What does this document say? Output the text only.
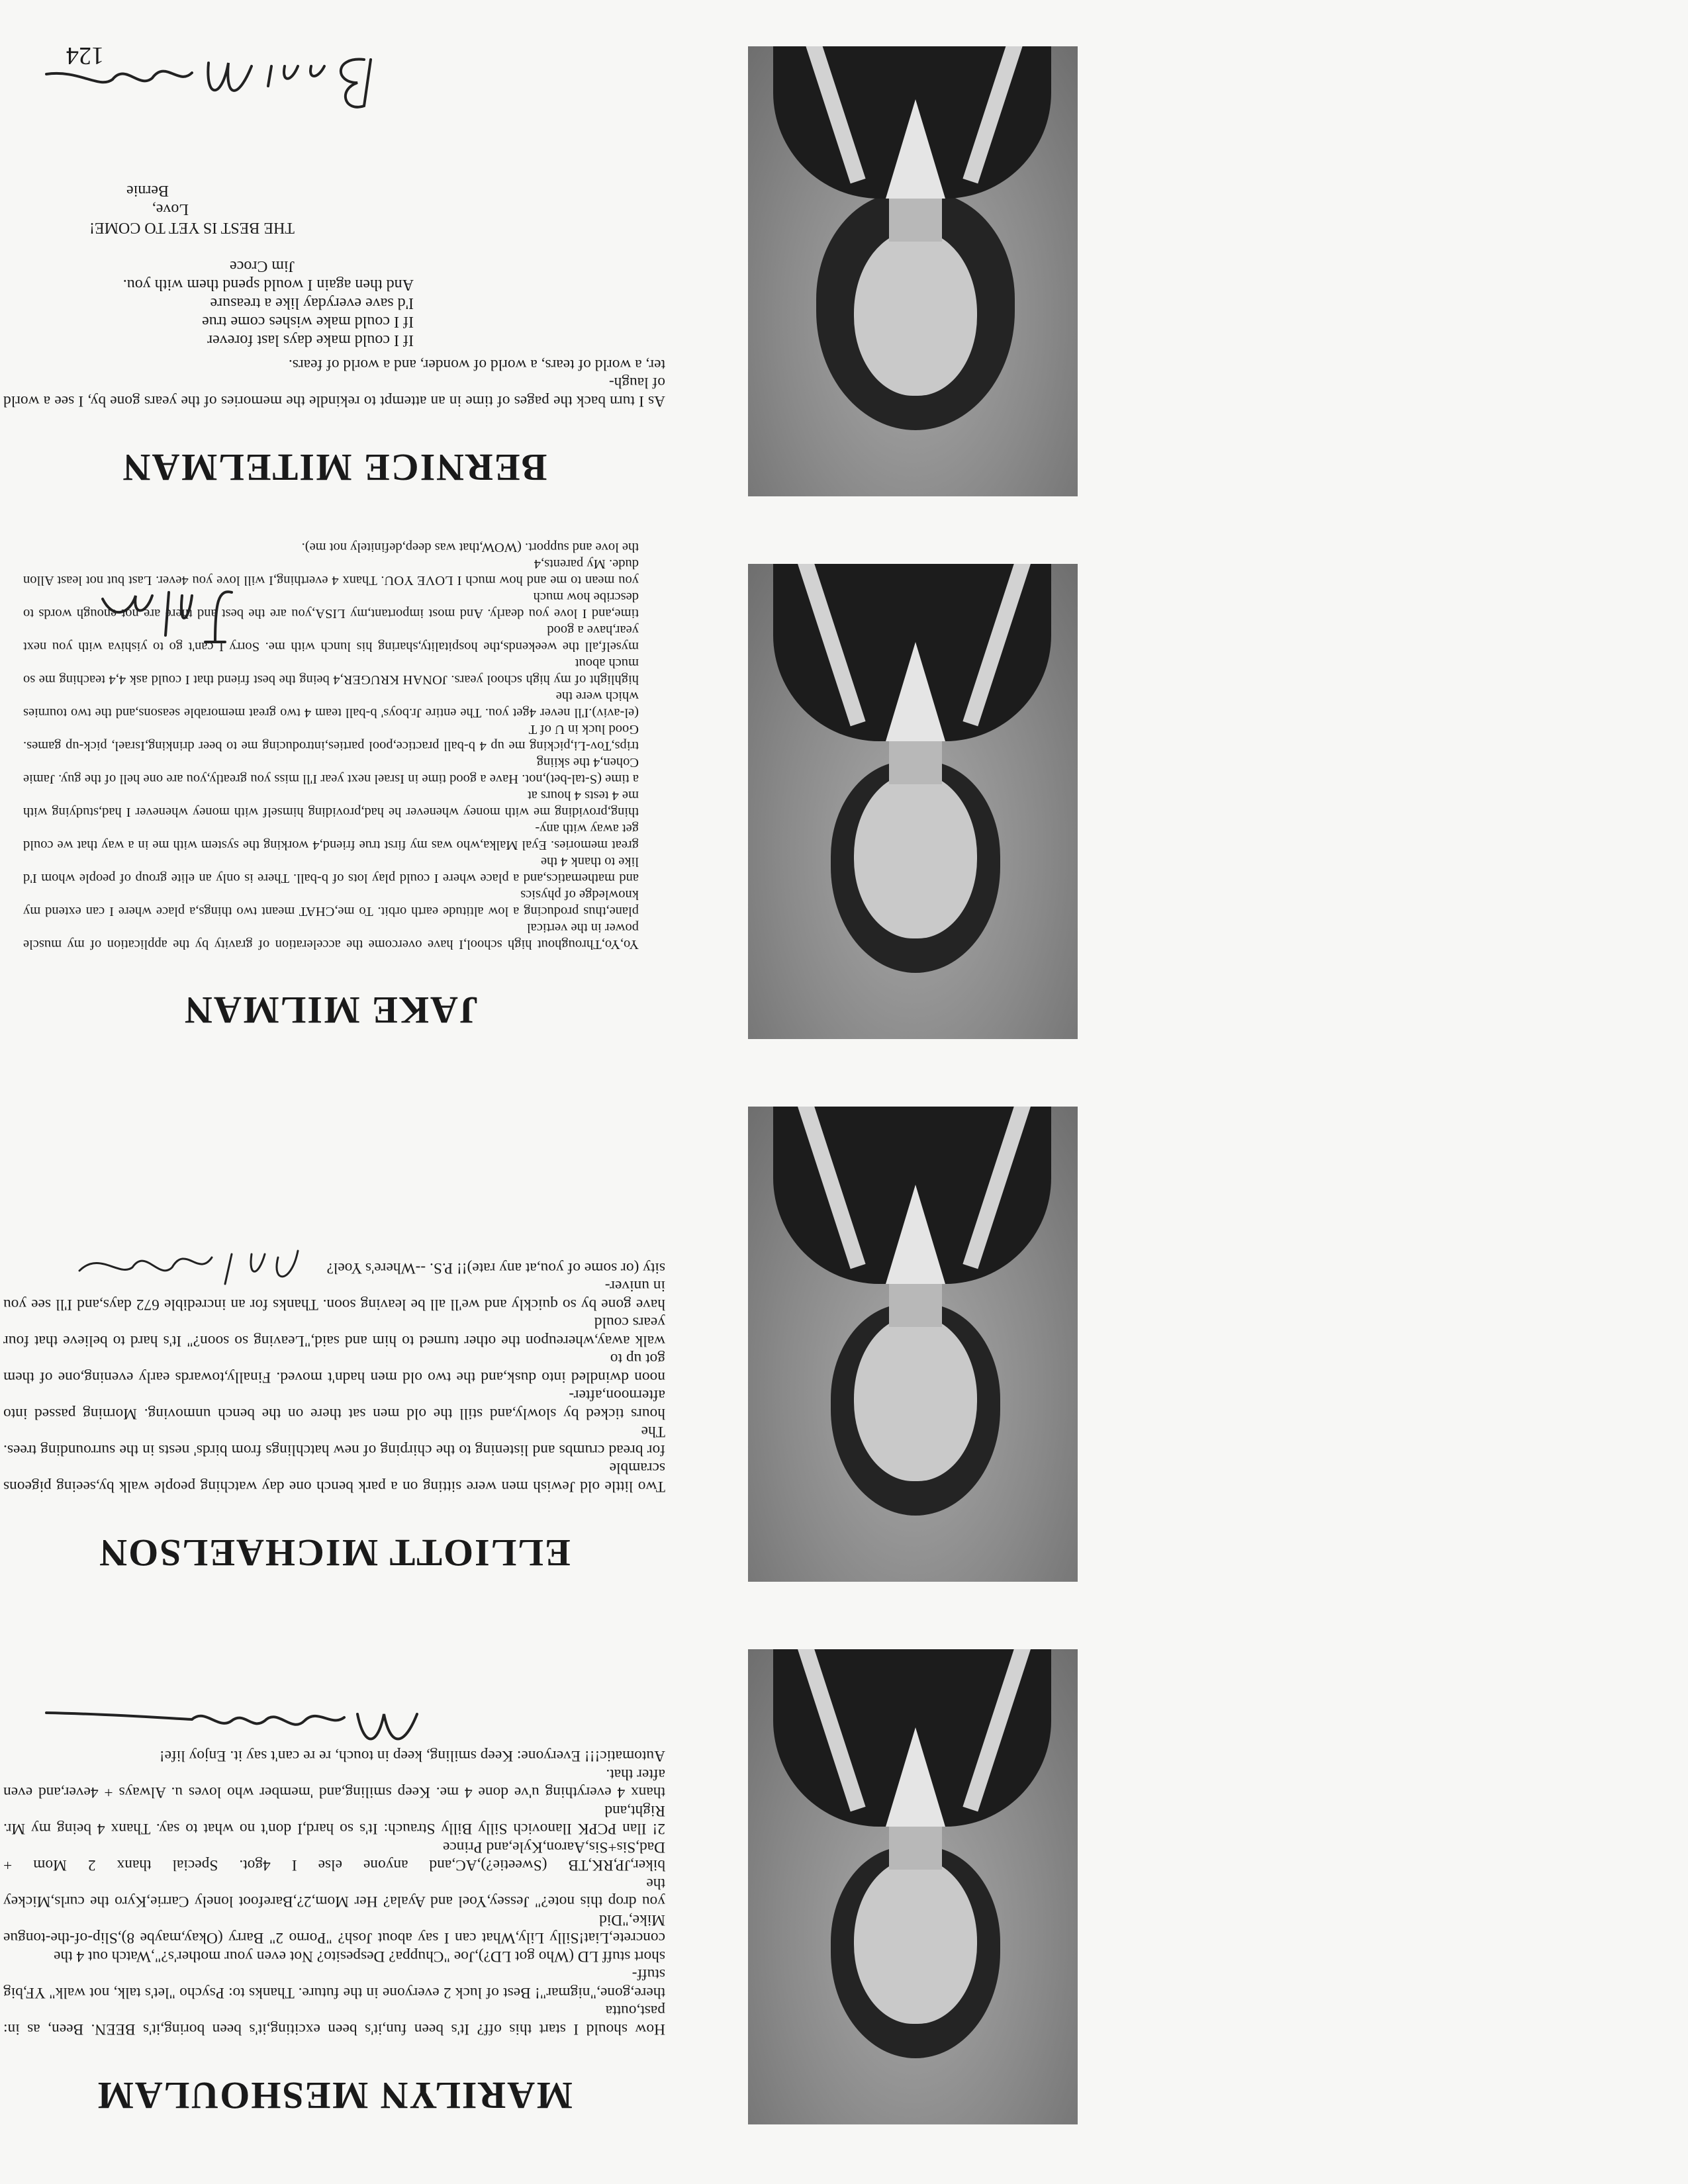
MARILYN MESHOULAM

How should I start this off? It's been fun,it's been exciting,it's been boring,it's BEEN. Been, as in: past,outta
there,gone,"nigmar"! Best of luck 2 everyone in the future. Thanks to: Psycho "let's talk, not walk" YF,big stuff-
short stuff LD (Who got LD?),Joe "Chuppa? Despesito? Not even your mother's?",Watch out 4 the
concrete,Liat!Silly Lily,What can I say about Josh? "Porno 2" Barry (Okay,maybe 8),Slip-of-the-tongue Mike,"Did
you drop this note?" Jessey,Yoel and Ayala? Her Mom,2?,Barefoot lonely Carrie,Kyro the curls,Mickey the
biker,JP,RK,TB (Sweetie?),AC,and anyone else I 4got. Special thanx 2 Mom + Dad,Sis+Sis,Aaron,Kyle,and Prince
2! Ilan PCPK Ilanovich Silly Billy Strauch: It's so hard,I don't no what to say. Thanx 4 being my Mr. Right,and
thanx 4 everything u've done 4 me. Keep smiling,and 'member who loves u. Always + 4ever,and even after that.
Automatic!!! Everyone: Keep smiling, keep in touch, re re can't say it. Enjoy life!

ELLIOTT MICHAELSON

Two little old Jewish men were sitting on a park bench one day watching people walk by,seeing pigeons scramble
for bread crumbs and listening to the chirping of new hatchlings from birds' nests in the surrounding trees. The
hours ticked by slowly,and still the old men sat there on the bench unmoving. Morning passed into afternoon,after-
noon dwindled into dusk,and the two old men hadn't moved. Finally,towards early evening,one of them got up to
walk away,whereupon the other turned to him and said,"Leaving so soon?" It's hard to believe that four years could
have gone by so quickly and we'll all be leaving soon. Thanks for an incredible 672 days,and I'll see you in univer-
sity (or some of you,at any rate)!! P.S. --Where's Yoel?

JAKE MILMAN

Yo,Yo,Throughout high school,I have overcome the acceleration of gravity by the application of my muscle power in the vertical
plane,thus producing a low altitude earth orbit. To me,CHAT meant two things,a place where I can extend my knowledge of physics
and mathematics,and a place where I could play lots of b-ball. There is only an elite group of people whom I'd like to thank 4 the
great memories. Eyal Malka,who was my first true friend,4 working the system with me in a way that we could get away with any-
thing,providing me with money whenever he had,providing himself with money whenever I had,studying with me 4 tests 4 hours at
a time (S-tal-bet),not. Have a good time in Israel next year I'll miss you greatly,you are one hell of the guy. Jamie Cohen,4 the skiing
trips,Tov-Li,picking me up 4 b-ball practice,pool parties,introducing me to beer drinking,Israel, pick-up games. Good luck in U of T
(el-aviv).I'll never 4get you. The entire Jr.boys' b-ball team 4 two great memorable seasons,and the two tournies which were the
highlight of my high school years. JONAH KRUGER,4 being the best friend that I could ask 4,4 teaching me so much about
myself,all the weekends,the hospitality,sharing his lunch with me. Sorry I can't go to yishiva with you next year,have a good
time,and I love you dearly. And most important,my LISA,you are the best and there are not enough words to describe how much
you mean to me and how much I LOVE YOU. Thanx 4 everthing,I will love you 4ever. Last but not least Allon dude. My parents,4
the love and support. (WOW,that was deep,definitely not me).

BERNICE MITELMAN

As I turn back the pages of time in an attempt to rekindle the memories of the years gone by, I see a world of laugh-
ter, a world of tears, a world of wonder, and a world of fears.

If I could make days last forever
If I could make wishes come true
I'd save everyday like a treasure
And then again I would spend them with you.
Jim Croce
THE BEST IS YET TO COME!
Love,
Bernie
124
